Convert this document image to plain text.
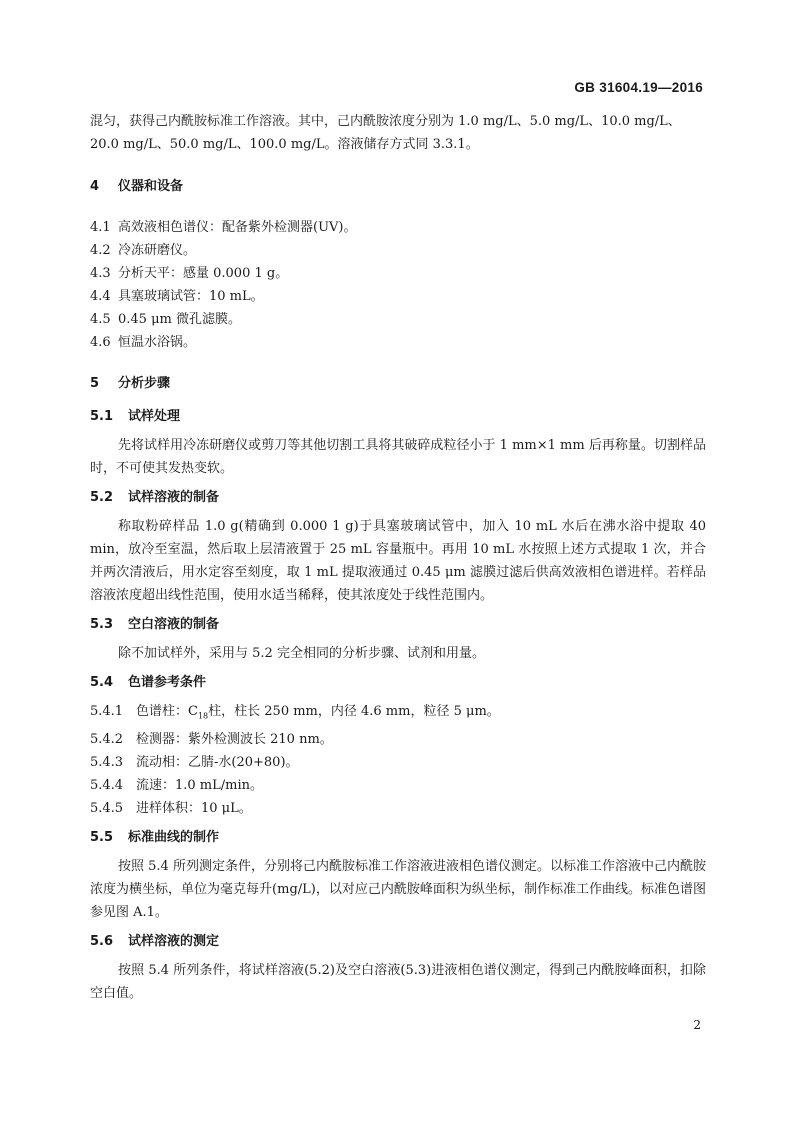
GB 31604.19—2016

混匀，获得己内酰胺标准工作溶液。其中，己内酰胺浓度分别为 1.0 mg/L、5.0 mg/L、10.0 mg/L、

20.0 mg/L、50.0 mg/L、100.0 mg/L。溶液储存方式同 3.3.1。

4 仪器和设备

4.1 高效液相色谱仪：配备紫外检测器(UV)。

4.2 冷冻研磨仪。

4.3 分析天平：感量 0.000 1 g。

4.4 具塞玻璃试管：10 mL。

4.5 0.45 μm 微孔滤膜。

4.6 恒温水浴锅。

5 分析步骤

5.1 试样处理

先将试样用冷冻研磨仪或剪刀等其他切割工具将其破碎成粒径小于 1 mm×1 mm 后再称量。切割样品时，不可使其发热变软。

5.2 试样溶液的制备

称取粉碎样品 1.0 g(精确到 0.000 1 g)于具塞玻璃试管中，加入 10 mL 水后在沸水浴中提取 40 min，放冷至室温，然后取上层清液置于 25 mL 容量瓶中。再用 10 mL 水按照上述方式提取 1 次，并合并两次清液后，用水定容至刻度，取 1 mL 提取液通过 0.45 μm 滤膜过滤后供高效液相色谱进样。若样品溶液浓度超出线性范围，使用水适当稀释，使其浓度处于线性范围内。

5.3 空白溶液的制备

除不加试样外，采用与 5.2 完全相同的分析步骤、试剂和用量。

5.4 色谱参考条件

5.4.1 色谱柱：$C_{18}$柱，柱长 250 mm，内径 4.6 mm，粒径 5 μm。

5.4.2 检测器：紫外检测波长 210 nm。

5.4.3 流动相：乙腈-水(20+80)。

5.4.4 流速：1.0 mL/min。

5.4.5 进样体积：10 μL。

5.5 标准曲线的制作

按照 5.4 所列测定条件，分别将己内酰胺标准工作溶液进液相色谱仪测定。以标准工作溶液中己内酰胺浓度为横坐标，单位为毫克每升(mg/L)，以对应己内酰胺峰面积为纵坐标，制作标准工作曲线。标准色谱图参见图 A.1。

5.6 试样溶液的测定

按照 5.4 所列条件，将试样溶液(5.2)及空白溶液(5.3)进液相色谱仪测定，得到己内酰胺峰面积，扣除空白值。

2
